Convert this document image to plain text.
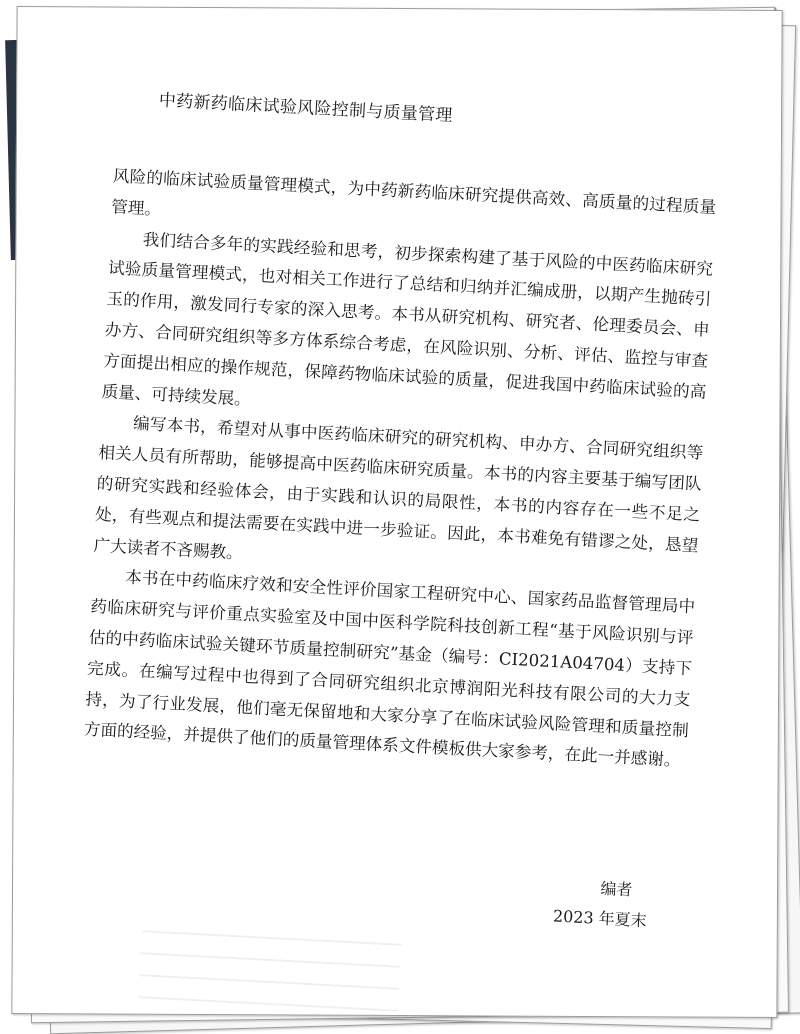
中药新药临床试验风险控制与质量管理

风险的临床试验质量管理模式，为中药新药临床研究提供高效、高质量的过程质量管理。

我们结合多年的实践经验和思考，初步探索构建了基于风险的中医药临床研究试验质量管理模式，也对相关工作进行了总结和归纳并汇编成册，以期产生抛砖引玉的作用，激发同行专家的深入思考。本书从研究机构、研究者、伦理委员会、申办方、合同研究组织等多方体系综合考虑，在风险识别、分析、评估、监控与审查方面提出相应的操作规范，保障药物临床试验的质量，促进我国中药临床试验的高质量、可持续发展。

编写本书，希望对从事中医药临床研究的研究机构、申办方、合同研究组织等相关人员有所帮助，能够提高中医药临床研究质量。本书的内容主要基于编写团队的研究实践和经验体会，由于实践和认识的局限性，本书的内容存在一些不足之处，有些观点和提法需要在实践中进一步验证。因此，本书难免有错谬之处，恳望广大读者不吝赐教。

本书在中药临床疗效和安全性评价国家工程研究中心、国家药品监督管理局中药临床研究与评价重点实验室及中国中医科学院科技创新工程“基于风险识别与评估的中药临床试验关键环节质量控制研究”基金（编号：CI2021A04704）支持下完成。在编写过程中也得到了合同研究组织北京博润阳光科技有限公司的大力支持，为了行业发展，他们毫无保留地和大家分享了在临床试验风险管理和质量控制方面的经验，并提供了他们的质量管理体系文件模板供大家参考，在此一并感谢。

编者
2023 年夏末
